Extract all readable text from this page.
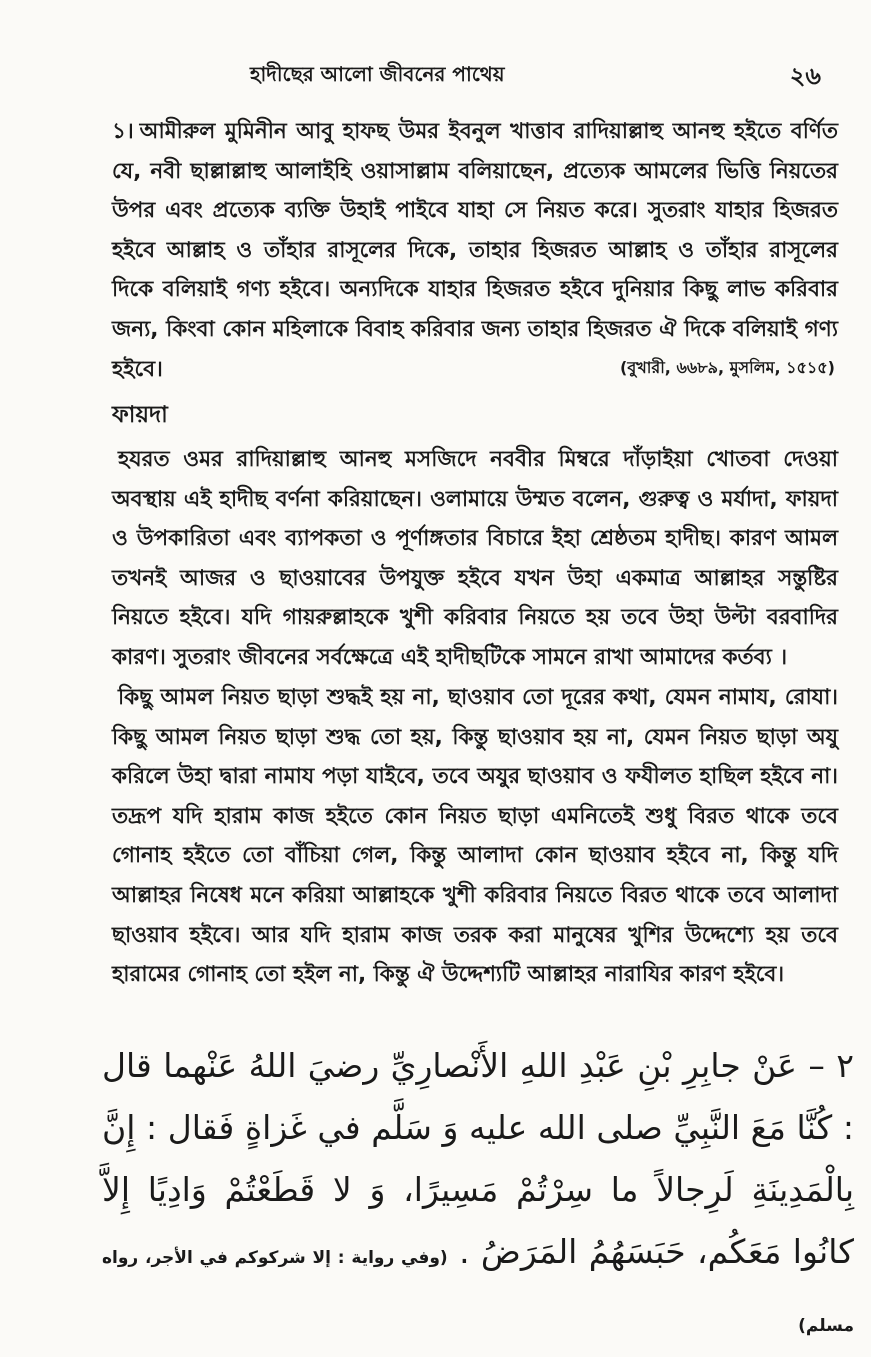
হাদীছের আলো জীবনের পাথেয়	২৬
১। আমীরুল মুমিনীন আবু হাফছ উমর ইবনুল খাত্তাব রাদিয়াল্লাহু আনহু হইতে বর্ণিত যে, নবী ছাল্লাল্লাহু আলাইহি ওয়াসাল্লাম বলিয়াছেন, প্রত্যেক আমলের ভিত্তি নিয়তের উপর এবং প্রত্যেক ব্যক্তি উহাই পাইবে যাহা সে নিয়ত করে। সুতরাং যাহার হিজরত হইবে আল্লাহ ও তাঁহার রাসূলের দিকে, তাহার হিজরত আল্লাহ ও তাঁহার রাসূলের দিকে বলিয়াই গণ্য হইবে। অন্যদিকে যাহার হিজরত হইবে দুনিয়ার কিছু লাভ করিবার জন্য, কিংবা কোন মহিলাকে বিবাহ করিবার জন্য তাহার হিজরত ঐ দিকে বলিয়াই গণ্য হইবে।	(বুখারী, ৬৬৮৯, মুসলিম, ১৫১৫)
ফায়দা

হযরত ওমর রাদিয়াল্লাহু আনহু মসজিদে নববীর মিম্বরে দাঁড়াইয়া খোতবা দেওয়া অবস্থায় এই হাদীছ বর্ণনা করিয়াছেন। ওলামায়ে উম্মত বলেন, গুরুত্ব ও মর্যাদা, ফায়দা ও উপকারিতা এবং ব্যাপকতা ও পূর্ণাঙ্গতার বিচারে ইহা শ্রেষ্ঠতম হাদীছ। কারণ আমল তখনই আজর ও ছাওয়াবের উপযুক্ত হইবে যখন উহা একমাত্র আল্লাহর সন্তুষ্টির নিয়তে হইবে। যদি গায়রুল্লাহকে খুশী করিবার নিয়তে হয় তবে উহা উল্টা বরবাদির কারণ। সুতরাং জীবনের সর্বক্ষেত্রে এই হাদীছটিকে সামনে রাখা আমাদের কর্তব্য ।

কিছু আমল নিয়ত ছাড়া শুদ্ধই হয় না, ছাওয়াব তো দূরের কথা, যেমন নামায, রোযা। কিছু আমল নিয়ত ছাড়া শুদ্ধ তো হয়, কিন্তু ছাওয়াব হয় না, যেমন নিয়ত ছাড়া অযু করিলে উহা দ্বারা নামায পড়া যাইবে, তবে অযুর ছাওয়াব ও ফযীলত হাছিল হইবে না। তদ্রূপ যদি হারাম কাজ হইতে কোন নিয়ত ছাড়া এমনিতেই শুধু বিরত থাকে তবে গোনাহ হইতে তো বাঁচিয়া গেল, কিন্তু আলাদা কোন ছাওয়াব হইবে না, কিন্তু যদি আল্লাহর নিষেধ মনে করিয়া আল্লাহকে খুশী করিবার নিয়তে বিরত থাকে তবে আলাদা ছাওয়াব হইবে। আর যদি হারাম কাজ তরক করা মানুষের খুশির উদ্দেশ্যে হয় তবে হারামের গোনাহ তো হইল না, কিন্তু ঐ উদ্দেশ্যটি আল্লাহর নারাযির কারণ হইবে।

٢ – عَنْ جابِرِ بْنِ عَبْدِ اللهِ الأَنْصارِيِّ رضيَ اللهُ عَنْهما قال : كُنَّا مَعَ النَّبِيِّ صلى الله عليه وَ سَلَّم في غَزاةٍ فَقال : إِنَّ بِالْمَدِينَةِ لَرِجالاً ما سِرْتُمْ مَسِيرًا، وَ لا قَطَعْتُمْ وَادِيًا إِلاَّ كانُوا مَعَكُم، حَبَسَهُمُ المَرَضُ . (وفي رواية : إلا شركوكم في الأجر، رواه مسلم)
